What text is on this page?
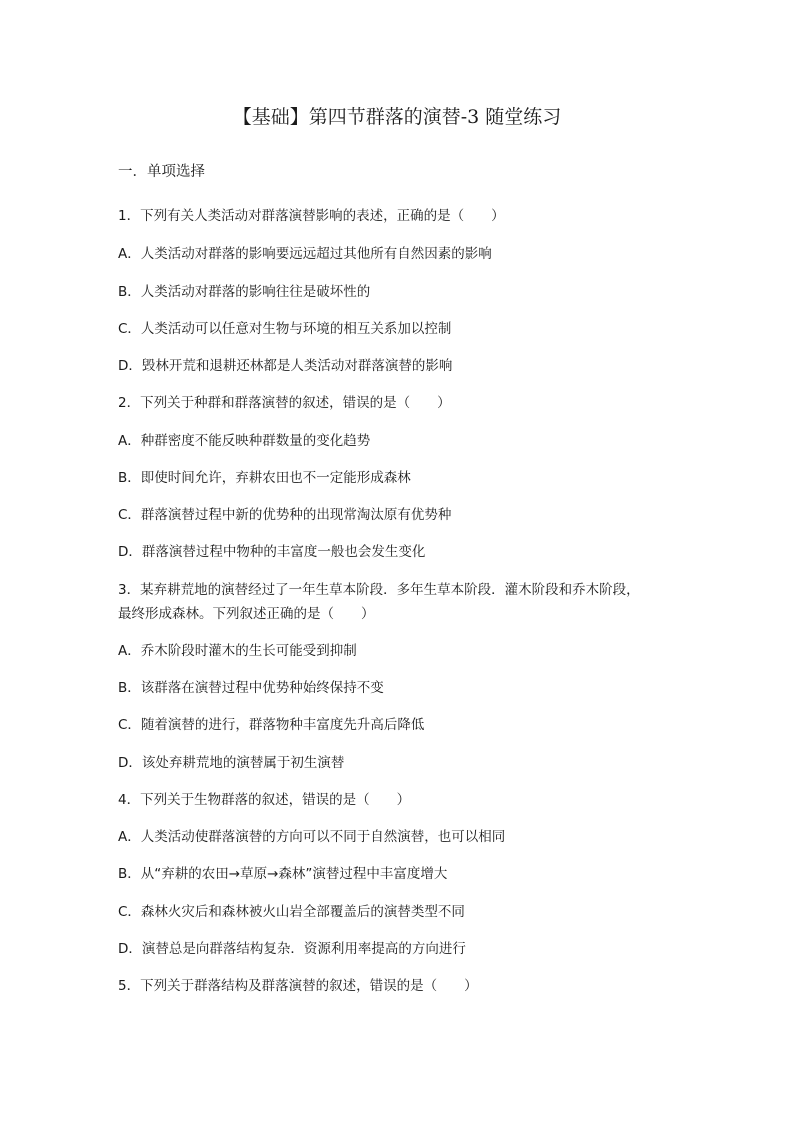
【基础】第四节群落的演替-3 随堂练习
一．单项选择
1．下列有关人类活动对群落演替影响的表述，正确的是（　　）
A．人类活动对群落的影响要远远超过其他所有自然因素的影响
B．人类活动对群落的影响往往是破坏性的
C．人类活动可以任意对生物与环境的相互关系加以控制
D．毁林开荒和退耕还林都是人类活动对群落演替的影响
2．下列关于种群和群落演替的叙述，错误的是（　　）
A．种群密度不能反映种群数量的变化趋势
B．即使时间允许，弃耕农田也不一定能形成森林
C．群落演替过程中新的优势种的出现常淘汰原有优势种
D．群落演替过程中物种的丰富度一般也会发生变化
3．某弃耕荒地的演替经过了一年生草本阶段．多年生草本阶段．灌木阶段和乔木阶段，
最终形成森林。下列叙述正确的是（　　）
A．乔木阶段时灌木的生长可能受到抑制
B．该群落在演替过程中优势种始终保持不变
C．随着演替的进行，群落物种丰富度先升高后降低
D．该处弃耕荒地的演替属于初生演替
4．下列关于生物群落的叙述，错误的是（　　）
A．人类活动使群落演替的方向可以不同于自然演替，也可以相同
B．从“弃耕的农田→草原→森林”演替过程中丰富度增大
C．森林火灾后和森林被火山岩全部覆盖后的演替类型不同
D．演替总是向群落结构复杂．资源利用率提高的方向进行
5．下列关于群落结构及群落演替的叙述，错误的是（　　）
